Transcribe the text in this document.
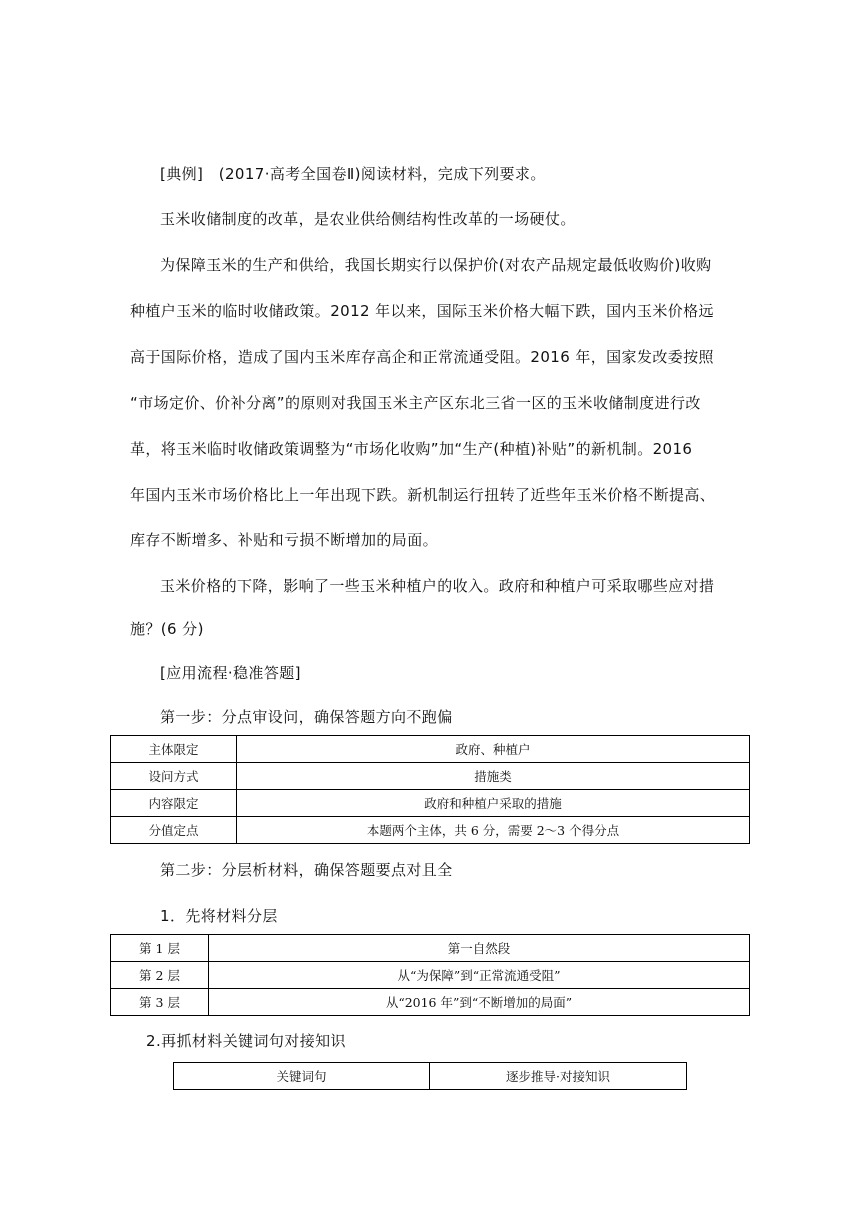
[典例]　(2017·高考全国卷Ⅱ)阅读材料，完成下列要求。
玉米收储制度的改革，是农业供给侧结构性改革的一场硬仗。
为保障玉米的生产和供给，我国长期实行以保护价(对农产品规定最低收购价)收购
种植户玉米的临时收储政策。2012 年以来，国际玉米价格大幅下跌，国内玉米价格远
高于国际价格，造成了国内玉米库存高企和正常流通受阻。2016 年，国家发改委按照
“市场定价、价补分离”的原则对我国玉米主产区东北三省一区的玉米收储制度进行改
革，将玉米临时收储政策调整为“市场化收购”加“生产(种植)补贴”的新机制。2016
年国内玉米市场价格比上一年出现下跌。新机制运行扭转了近些年玉米价格不断提高、
库存不断增多、补贴和亏损不断增加的局面。
玉米价格的下降，影响了一些玉米种植户的收入。政府和种植户可采取哪些应对措
施？(6 分)
[应用流程·稳准答题]
第一步：分点审设问，确保答题方向不跑偏
主体限定	政府、种植户
设问方式	措施类
内容限定	政府和种植户采取的措施
分值定点	本题两个主体，共 6 分，需要 2～3 个得分点
第二步：分层析材料，确保答题要点对且全
1．先将材料分层
第 1 层	第一自然段
第 2 层	从“为保障”到“正常流通受阻”
第 3 层	从“2016 年”到“不断增加的局面”
2.再抓材料关键词句对接知识
关键词句	逐步推导·对接知识
